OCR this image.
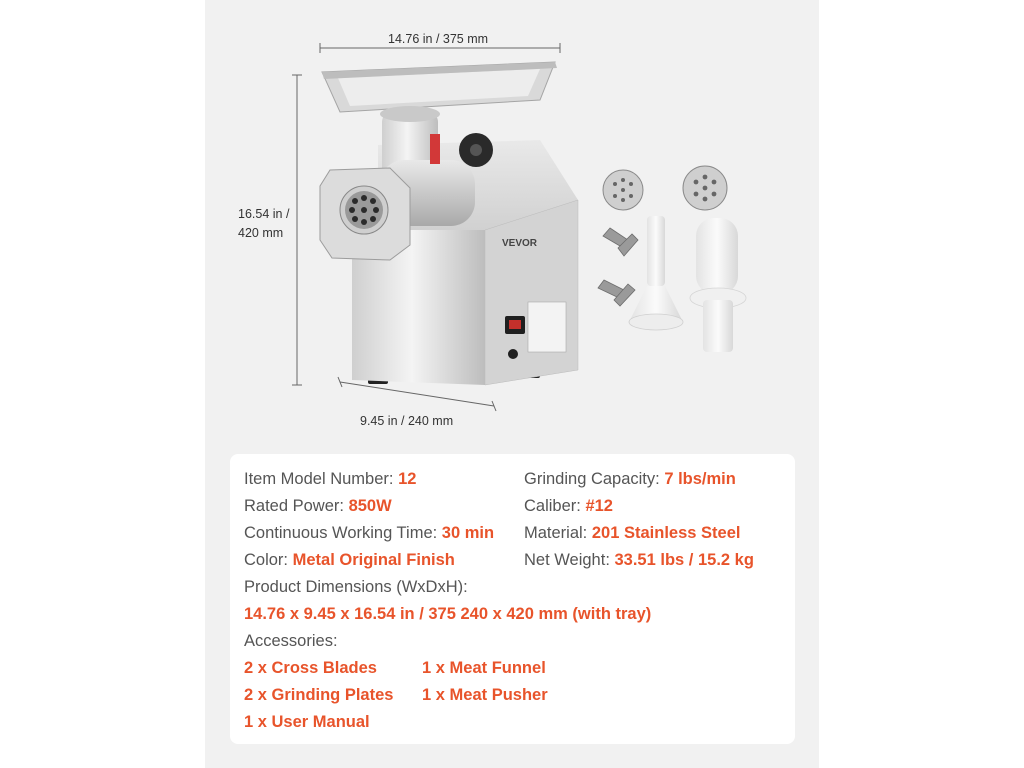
14.76 in / 375 mm
16.54 in /
420 mm
9.45 in / 240 mm
VEVOR
Item Model Number: 12
Rated Power: 850W
Continuous Working Time: 30 min
Color: Metal Original Finish
Grinding Capacity: 7 lbs/min
Caliber: #12
Material: 201 Stainless Steel
Net Weight: 33.51 lbs / 15.2 kg
Product Dimensions (WxDxH):
14.76 x 9.45 x 16.54 in / 375 240 x 420 mm (with tray)
Accessories:
2 x Cross Blades	1 x Meat Funnel
2 x Grinding Plates 1 x Meat Pusher
1 x User Manual
